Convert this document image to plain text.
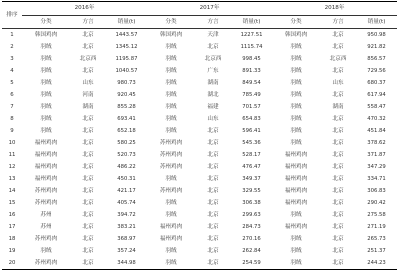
排序	2016年			2017年			2018年		
	分类	方言	销量(t)	分类	方言	销量(t)	分类	方言	销量(t)
1	韩国鸡肉	北京	1443.57	韩国鸡肉	天津	1227.51	韩国鸡肉	北京	950.98
2	羽绒	北京	1345.12	羽绒	北京	1115.74	羽绒	北京	921.82
3	羽绒	北京西	1195.87	羽绒	北京西	998.45	羽绒	北京西	856.57
4	羽绒	北京	1040.57	羽绒	广东	891.33	羽绒	北京	729.56
5	羽绒	山东	980.73	羽绒	湖南	849.54	羽绒	山东	680.37
6	羽绒	河南	920.45	羽绒	湖北	785.49	羽绒	北京	617.94
7	羽绒	湖南	855.28	羽绒	福建	701.57	羽绒	湖南	558.47
8	羽绒	北京	693.41	羽绒	山东	654.83	羽绒	北京	470.32
9	羽绒	北京	652.18	羽绒	北京	596.41	羽绒	北京	451.84
10	福州鸡肉	北京	580.25	苏州鸡肉	北京	545.36	羽绒	北京	378.62
11	福州鸡肉	北京	520.73	苏州鸡肉	北京	528.17	福州鸡肉	北京	371.87
12	福州鸡肉	北京	486.22	苏州鸡肉	北京	476.47	福州鸡肉	北京	347.29
13	福州鸡肉	北京	450.31	羽绒	北京	349.37	福州鸡肉	北京	334.71
14	苏州鸡肉	北京	421.17	苏州鸡肉	北京	329.55	福州鸡肉	北京	306.83
15	苏州鸡肉	北京	405.74	羽绒	北京	306.38	福州鸡肉	北京	290.42
16	苏州	北京	394.72	羽绒	北京	299.63	羽绒	北京	275.58
17	苏州	北京	383.21	福州鸡肉	北京	284.73	福州鸡肉	北京	271.19
18	苏州鸡肉	北京	368.97	福州鸡肉	北京	270.16	羽绒	北京	265.73
19	羽绒	北京	357.24	羽绒	北京	262.84	羽绒	北京	251.37
20	苏州鸡肉	北京	344.98	羽绒	北京	254.59	羽绒	北京	244.23
